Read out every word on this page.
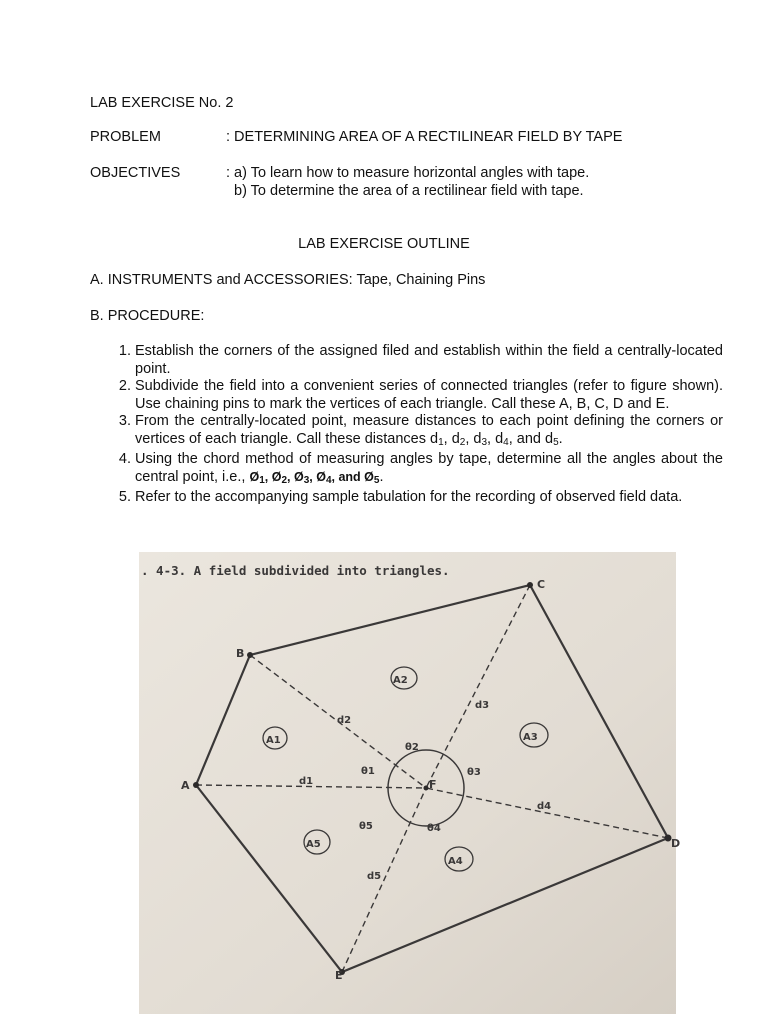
LAB EXERCISE No. 2
PROBLEM	: DETERMINING AREA OF A RECTILINEAR FIELD BY TAPE
OBJECTIVES	: a) To learn how to measure horizontal angles with tape.
b) To determine the area of a rectilinear field with tape.
LAB EXERCISE OUTLINE
A. INSTRUMENTS and ACCESSORIES: Tape, Chaining Pins
B. PROCEDURE:
1. Establish the corners of the assigned filed and establish within the field a centrally-located point.
2. Subdivide the field into a convenient series of connected triangles (refer to figure shown). Use chaining pins to mark the vertices of each triangle. Call these A, B, C, D and E.
3. From the centrally-located point, measure distances to each point defining the corners or vertices of each triangle. Call these distances $d_1$, $d_2$, $d_3$, $d_4$, and $d_5$.
4. Using the chord method of measuring angles by tape, determine all the angles about the central point, i.e., $Ø_1$, $Ø_2$, $Ø_3$, $Ø_4$, and $Ø_5$.
5. Refer to the accompanying sample tabulation for the recording of observed field data.
. 4-3. A field subdivided into triangles.
A
B
C
D
E
F
A1
A2
A3
A4
A5
d1
d2
d3
d4
d5
θ1
θ2
θ3
θ4
θ5
